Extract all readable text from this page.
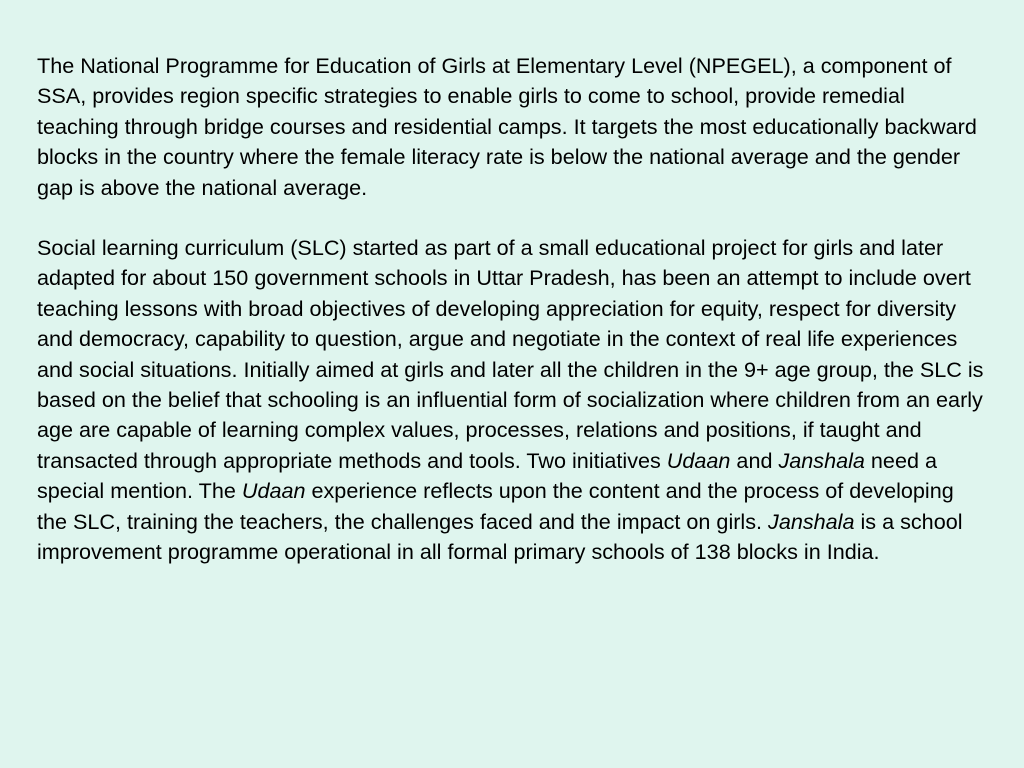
The National Programme for Education of Girls at Elementary Level (NPEGEL), a component of SSA, provides region specific strategies to enable girls to come to school, provide remedial teaching through bridge courses and residential camps. It targets the most educationally backward blocks in the country where the female literacy rate is below the national average and the gender gap is above the national average.

Social learning curriculum (SLC) started as part of a small educational project for girls and later adapted for about 150 government schools in Uttar Pradesh, has been an attempt to include overt teaching lessons with broad objectives of developing appreciation for equity, respect for diversity and democracy, capability to question, argue and negotiate in the context of real life experiences and social situations. Initially aimed at girls and later all the children in the 9+ age group, the SLC is based on the belief that schooling is an influential form of socialization where children from an early age are capable of learning complex values, processes, relations and positions, if taught and transacted through appropriate methods and tools. Two initiatives Udaan and Janshala need a special mention. The Udaan experience reflects upon the content and the process of developing the SLC, training the teachers, the challenges faced and the impact on girls. Janshala is a school improvement programme operational in all formal primary schools of 138 blocks in India.
